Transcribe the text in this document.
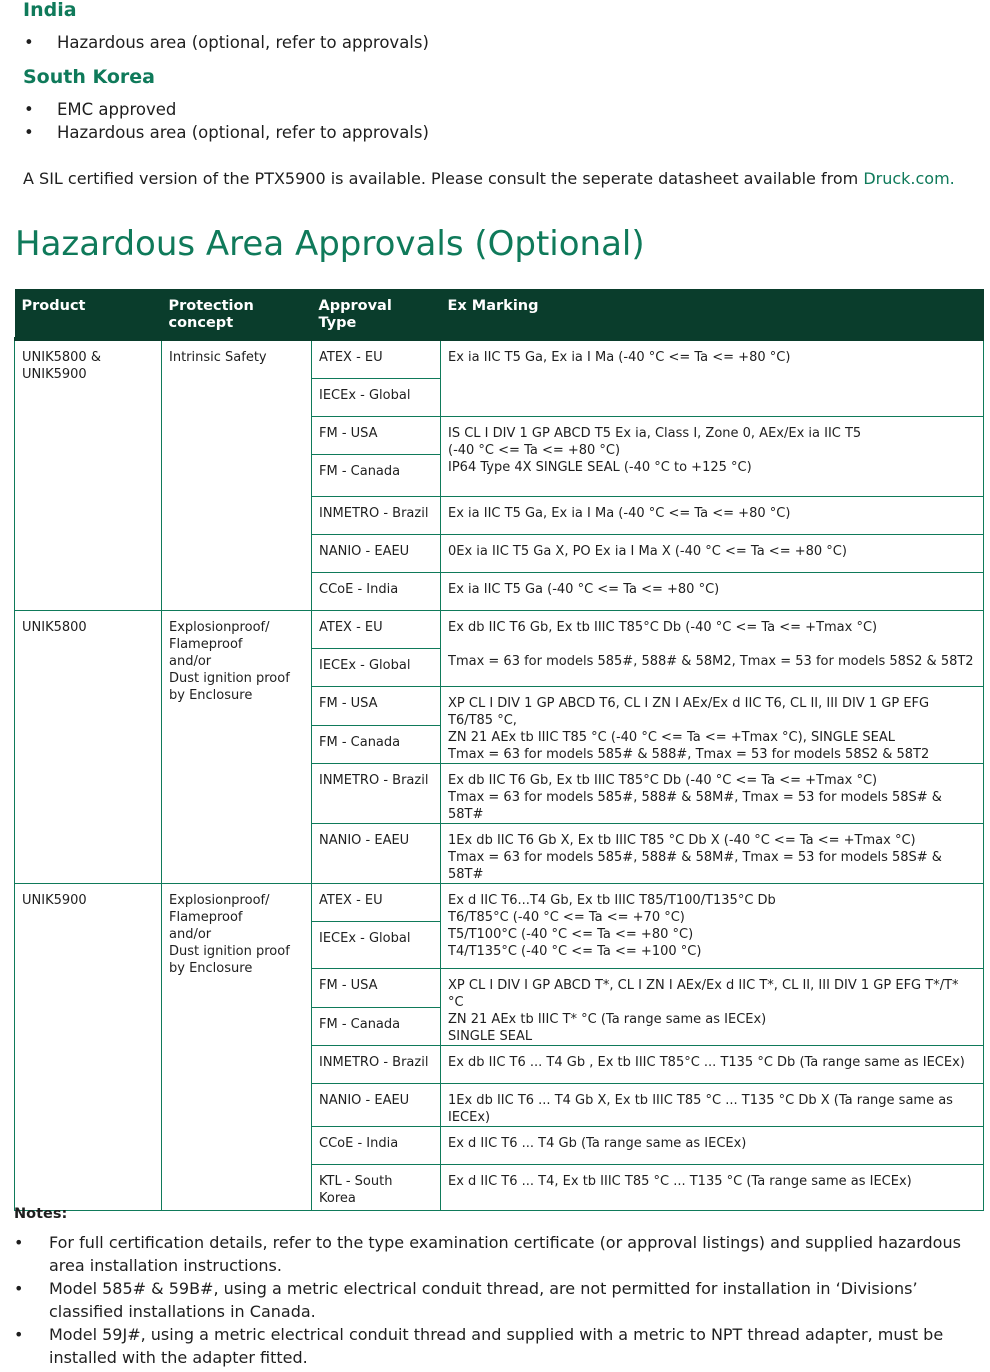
India
• Hazardous area (optional, refer to approvals)
South Korea
• EMC approved
• Hazardous area (optional, refer to approvals)
A SIL certified version of the PTX5900 is available. Please consult the seperate datasheet available from Druck.com.
Hazardous Area Approvals (Optional)
Product	Protection concept	Approval Type	Ex Marking
UNIK5800 &
UNIK5900	Intrinsic Safety	ATEX - EU	Ex ia IIC T5 Ga, Ex ia I Ma (-40 °C <= Ta <= +80 °C)
		IECEx - Global	
		FM - USA	IS CL I DIV 1 GP ABCD T5 Ex ia, Class I, Zone 0, AEx/Ex ia IIC T5
(-40 °C <= Ta <= +80 °C)
IP64 Type 4X SINGLE SEAL (-40 °C to +125 °C)
		FM - Canada	
		INMETRO - Brazil	Ex ia IIC T5 Ga, Ex ia I Ma (-40 °C <= Ta <= +80 °C)
		NANIO - EAEU	0Ex ia IIC T5 Ga X, PO Ex ia I Ma X (-40 °C <= Ta <= +80 °C)
		CCoE - India	Ex ia IIC T5 Ga (-40 °C <= Ta <= +80 °C)
UNIK5800	Explosionproof/
Flameproof
and/or
Dust ignition proof
by Enclosure	ATEX - EU	Ex db IIC T6 Gb, Ex tb IIIC T85°C Db (-40 °C <= Ta <= +Tmax °C)

Tmax = 63 for models 585#, 588# & 58M2, Tmax = 53 for models 58S2 & 58T2
		IECEx - Global	
		FM - USA	XP CL I DIV 1 GP ABCD T6, CL I ZN I AEx/Ex d IIC T6, CL II, III DIV 1 GP EFG T6/T85 °C,
ZN 21 AEx tb IIIC T85 °C (-40 °C <= Ta <= +Tmax °C), SINGLE SEAL
Tmax = 63 for models 585# & 588#, Tmax = 53 for models 58S2 & 58T2
		FM - Canada	
		INMETRO - Brazil	Ex db IIC T6 Gb, Ex tb IIIC T85°C Db (-40 °C <= Ta <= +Tmax °C)
Tmax = 63 for models 585#, 588# & 58M#, Tmax = 53 for models 58S# & 58T#
		NANIO - EAEU	1Ex db IIC T6 Gb X, Ex tb IIIC T85 °C Db X (-40 °C <= Ta <= +Tmax °C)
Tmax = 63 for models 585#, 588# & 58M#, Tmax = 53 for models 58S# & 58T#
UNIK5900	Explosionproof/
Flameproof
and/or
Dust ignition proof
by Enclosure	ATEX - EU	Ex d IIC T6...T4 Gb, Ex tb IIIC T85/T100/T135°C Db
T6/T85°C (-40 °C <= Ta <= +70 °C)
T5/T100°C (-40 °C <= Ta <= +80 °C)
T4/T135°C (-40 °C <= Ta <= +100 °C)
		IECEx - Global	
		FM - USA	XP CL I DIV I GP ABCD T*, CL I ZN I AEx/Ex d IIC T*, CL II, III DIV 1 GP EFG T*/T* °C
ZN 21 AEx tb IIIC T* °C (Ta range same as IECEx)
SINGLE SEAL
		FM - Canada	
		INMETRO - Brazil	Ex db IIC T6 ... T4 Gb , Ex tb IIIC T85°C ... T135 °C Db (Ta range same as IECEx)
		NANIO - EAEU	1Ex db IIC T6 ... T4 Gb X, Ex tb IIIC T85 °C ... T135 °C Db X (Ta range same as IECEx)
		CCoE - India	Ex d IIC T6 ... T4 Gb (Ta range same as IECEx)
		KTL - South
Korea	Ex d IIC T6 ... T4, Ex tb IIIC T85 °C ... T135 °C (Ta range same as IECEx)
Notes:
• For full certification details, refer to the type examination certificate (or approval listings) and supplied hazardous area installation instructions.
• Model 585# & 59B#, using a metric electrical conduit thread, are not permitted for installation in ‘Divisions’ classified installations in Canada.
• Model 59J#, using a metric electrical conduit thread and supplied with a metric to NPT thread adapter, must be installed with the adapter fitted.
